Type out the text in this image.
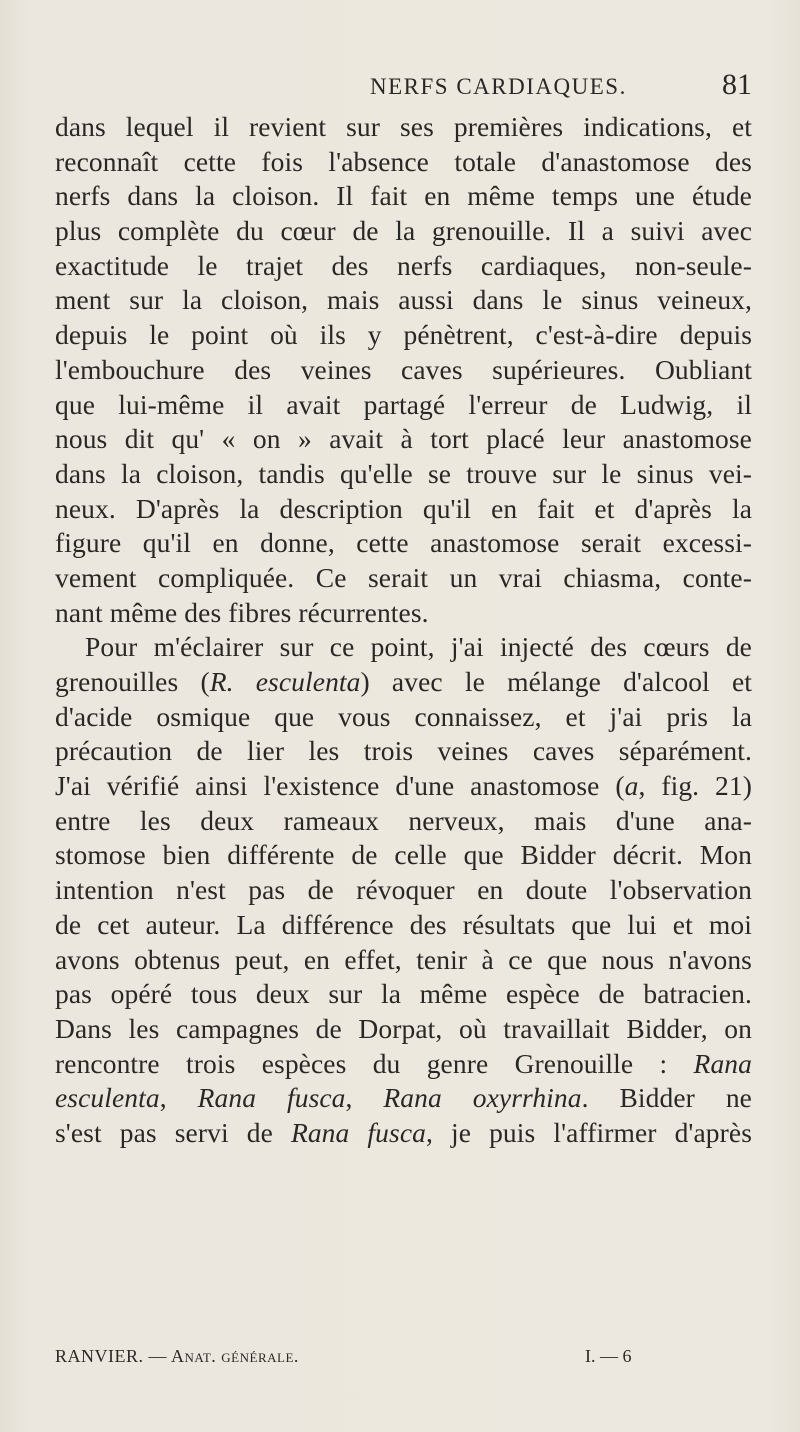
NERFS CARDIAQUES.	81
dans lequel il revient sur ses premières indications, et
reconnaît cette fois l'absence totale d'anastomose des
nerfs dans la cloison. Il fait en même temps une étude
plus complète du cœur de la grenouille. Il a suivi avec
exactitude le trajet des nerfs cardiaques, non-seule-
ment sur la cloison, mais aussi dans le sinus veineux,
depuis le point où ils y pénètrent, c'est-à-dire depuis
l'embouchure des veines caves supérieures. Oubliant
que lui-même il avait partagé l'erreur de Ludwig, il
nous dit qu' « on » avait à tort placé leur anastomose
dans la cloison, tandis qu'elle se trouve sur le sinus vei-
neux. D'après la description qu'il en fait et d'après la
figure qu'il en donne, cette anastomose serait excessi-
vement compliquée. Ce serait un vrai chiasma, conte-
nant même des fibres récurrentes.
Pour m'éclairer sur ce point, j'ai injecté des cœurs de
grenouilles (R. esculenta) avec le mélange d'alcool et
d'acide osmique que vous connaissez, et j'ai pris la
précaution de lier les trois veines caves séparément.
J'ai vérifié ainsi l'existence d'une anastomose (a, fig. 21)
entre les deux rameaux nerveux, mais d'une ana-
stomose bien différente de celle que Bidder décrit. Mon
intention n'est pas de révoquer en doute l'observation
de cet auteur. La différence des résultats que lui et moi
avons obtenus peut, en effet, tenir à ce que nous n'avons
pas opéré tous deux sur la même espèce de batracien.
Dans les campagnes de Dorpat, où travaillait Bidder, on
rencontre trois espèces du genre Grenouille : Rana
esculenta, Rana fusca, Rana oxyrrhina. Bidder ne
s'est pas servi de Rana fusca, je puis l'affirmer d'après
RANVIER. — Anat. générale.	I. — 6
